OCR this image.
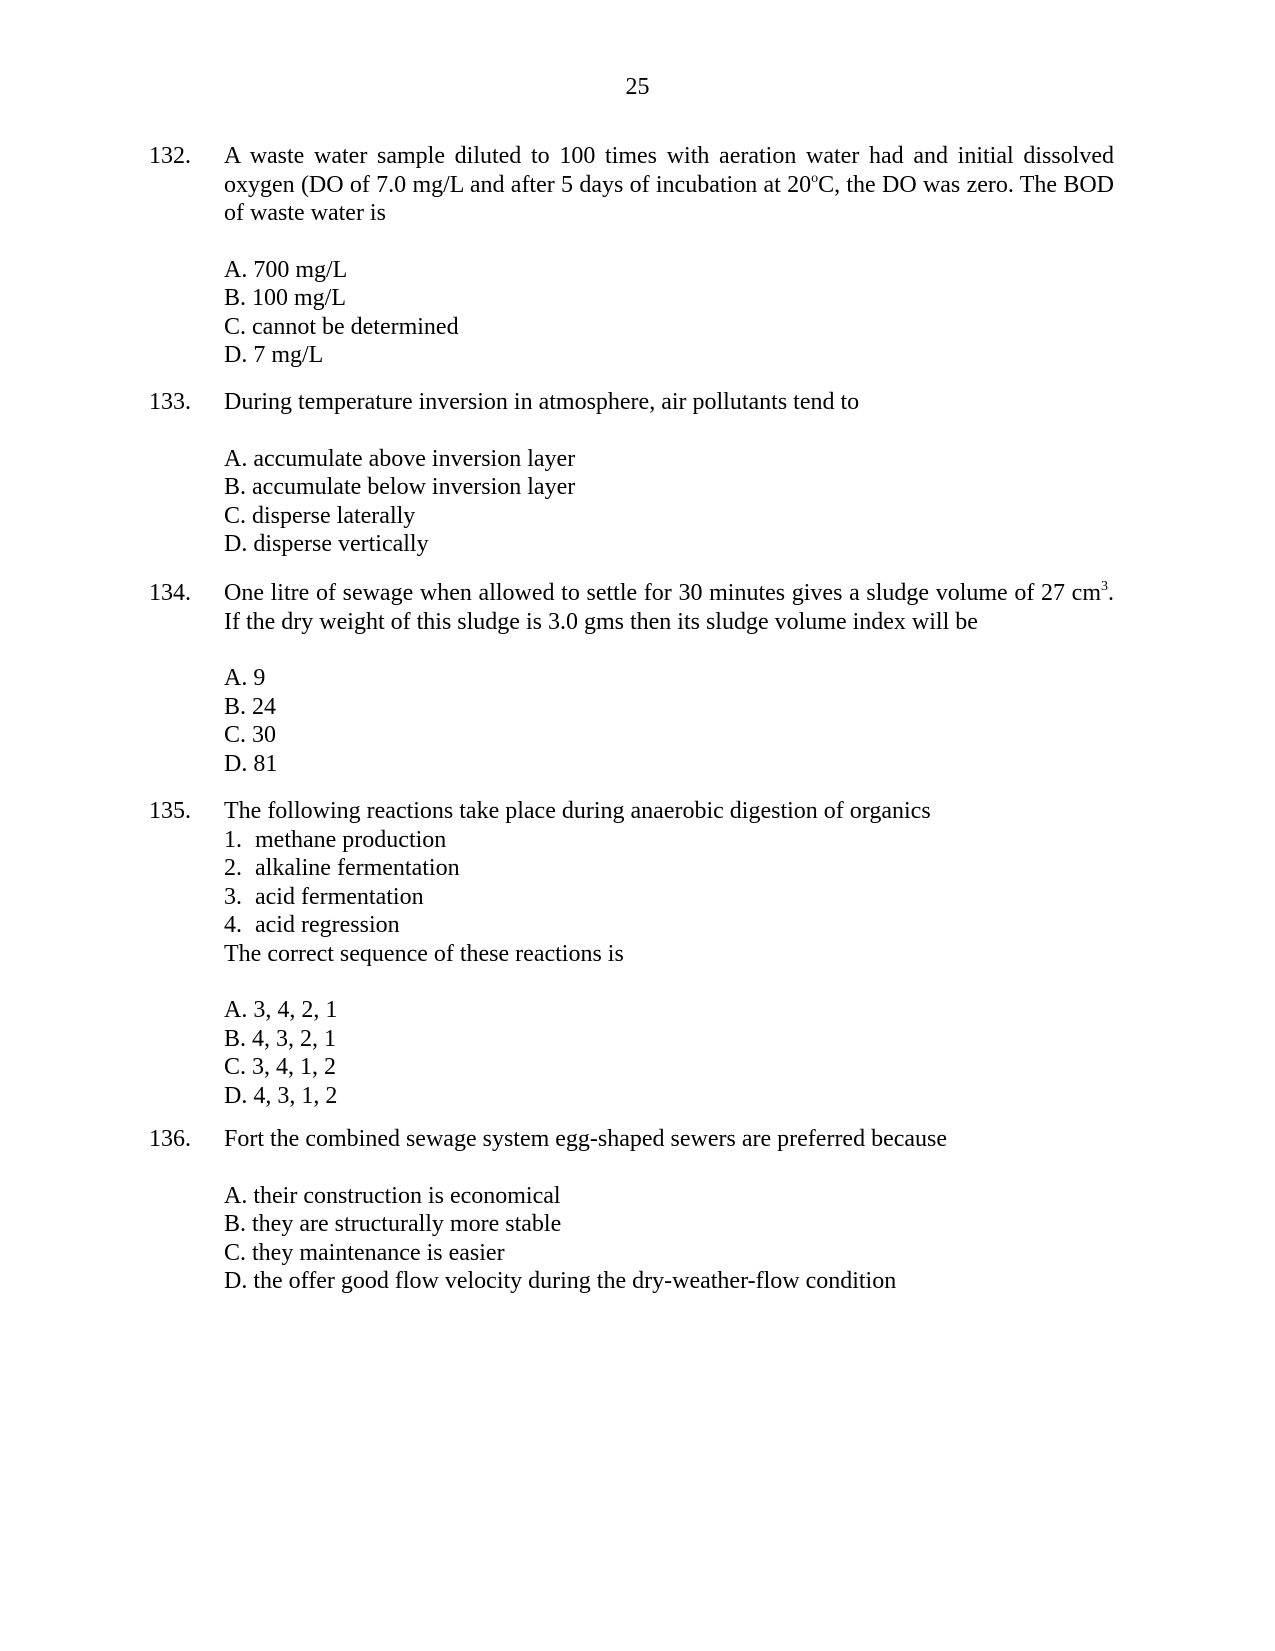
25
132.	A waste water sample diluted to 100 times with aeration water had and initial dissolved oxygen (DO of 7.0 mg/L and after 5 days of incubation at 20$^o$C, the DO was zero. The BOD of waste water is

A. 700 mg/L
B. 100 mg/L
C. cannot be determined
D. 7 mg/L
133.	During temperature inversion in atmosphere, air pollutants tend to

A. accumulate above inversion layer
B. accumulate below inversion layer
C. disperse laterally
D. disperse vertically
134.	One litre of sewage when allowed to settle for 30 minutes gives a sludge volume of 27 $cm^3$. If the dry weight of this sludge is 3.0 gms then its sludge volume index will be

A. 9
B. 24
C. 30
D. 81
135.	The following reactions take place during anaerobic digestion of organics
1. methane production
2. alkaline fermentation
3. acid fermentation
4. acid regression
The correct sequence of these reactions is
A. 3, 4, 2, 1
B. 4, 3, 2, 1
C. 3, 4, 1, 2
D. 4, 3, 1, 2
136.	Fort the combined sewage system egg-shaped sewers are preferred because

A. their construction is economical
B. they are structurally more stable
C. they maintenance is easier
D. the offer good flow velocity during the dry-weather-flow condition
